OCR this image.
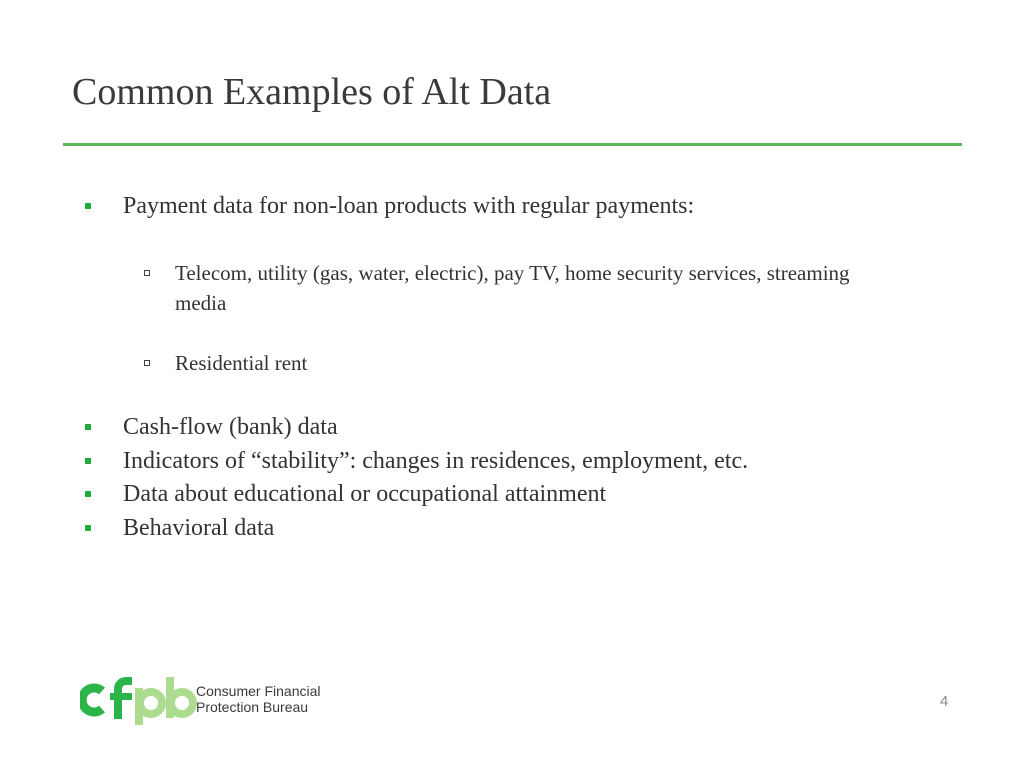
Common Examples of Alt Data
Payment data for non-loan products with regular payments:
Telecom, utility (gas, water, electric), pay TV, home security services, streaming media
Residential rent
Cash-flow (bank) data
Indicators of “stability”: changes in residences, employment, etc.
Data about educational or occupational attainment
Behavioral data
Consumer Financial
Protection Bureau	4
